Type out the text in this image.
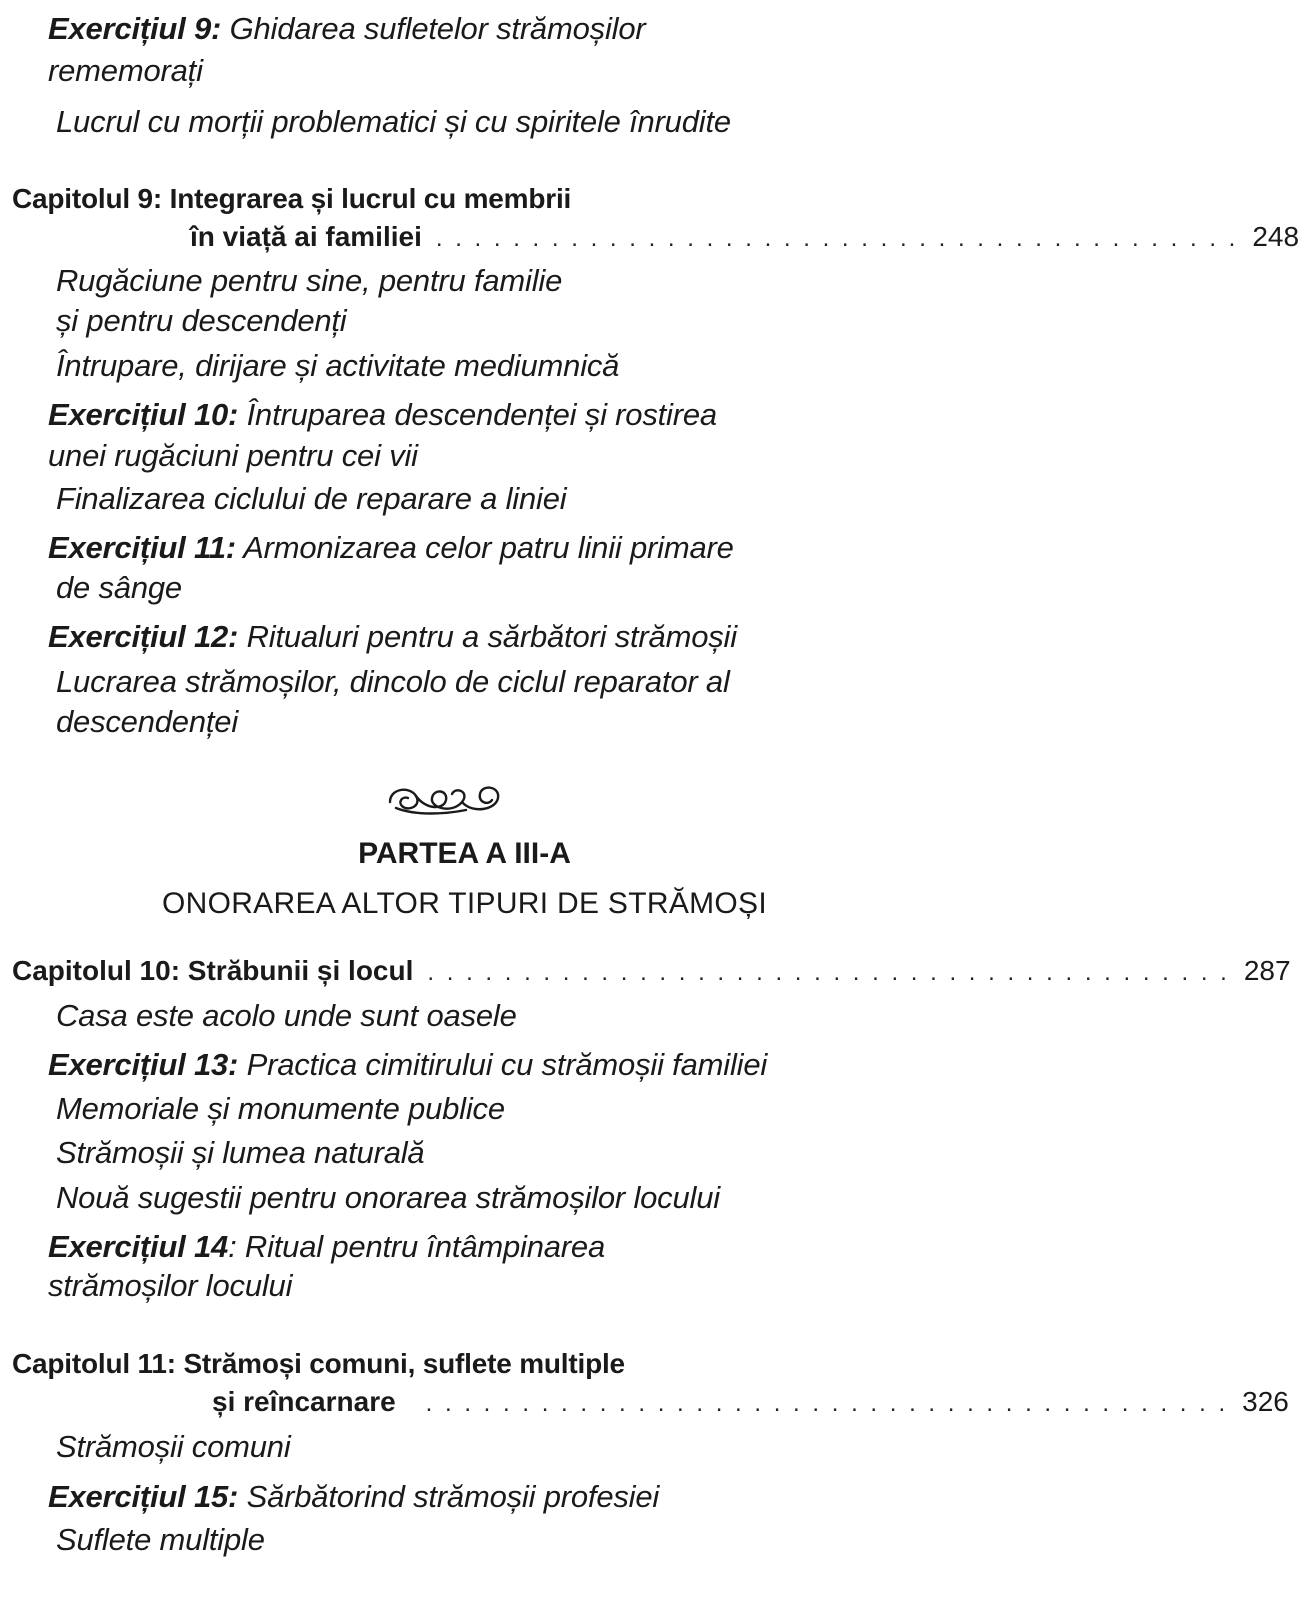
Exercițiul 9: Ghidarea sufletelor strămoșilor
rememorați
Lucrul cu morții problematici și cu spiritele înrudite
Capitolul 9: Integrarea și lucrul cu membrii
în viață ai familiei . . . . . . . . . . . . . . . . . . . . . . . . . . . . . . . . . . . . . . . . . . 248
Rugăciune pentru sine, pentru familie
și pentru descendenți
Întrupare, dirijare și activitate mediumnică
Exercițiul 10: Întruparea descendenței și rostirea
unei rugăciuni pentru cei vii
Finalizarea ciclului de reparare a liniei
Exercițiul 11: Armonizarea celor patru linii primare
de sânge
Exercițiul 12: Ritualuri pentru a sărbători strămoșii
Lucrarea strămoșilor, dincolo de ciclul reparator al
descendenței
PARTEA A III-A
ONORAREA ALTOR TIPURI DE STRĂMOȘI
Capitolul 10: Străbunii și locul . . . . . . . . . . . . . . . . . . . . . . . . . . . . . . . . . . . . . . . . . . 287
Casa este acolo unde sunt oasele
Exercițiul 13: Practica cimitirului cu strămoșii familiei
Memoriale și monumente publice
Strămoșii și lumea naturală
Nouă sugestii pentru onorarea strămoșilor locului
Exercițiul 14: Ritual pentru întâmpinarea
strămoșilor locului
Capitolul 11: Strămoși comuni, suflete multiple
și reîncarnare . . . . . . . . . . . . . . . . . . . . . . . . . . . . . . . . . . . . . . . . . . 326
Strămoșii comuni
Exercițiul 15: Sărbătorind strămoșii profesiei
Suflete multiple
